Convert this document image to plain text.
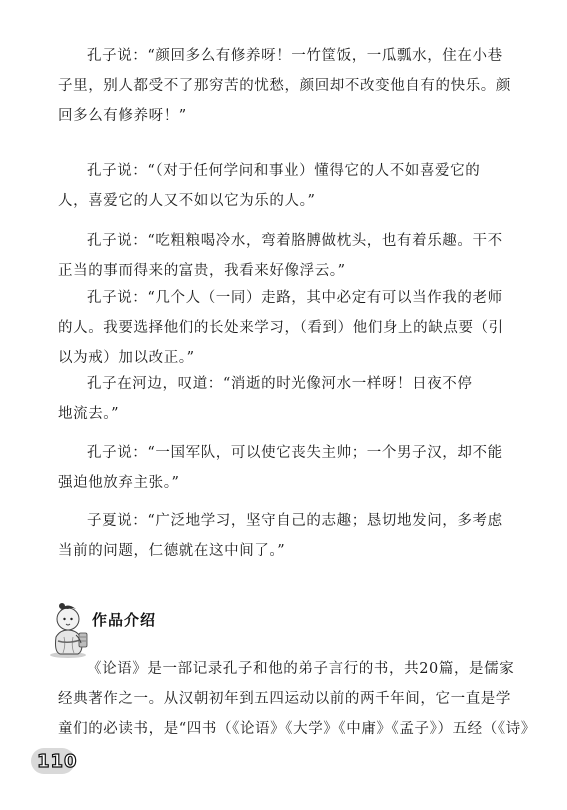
孔子说：“颜回多么有修养呀！一竹筐饭，一瓜瓢水，住在小巷
子里，别人都受不了那穷苦的忧愁，颜回却不改变他自有的快乐。颜
回多么有修养呀！”
孔子说：“（对于任何学问和事业）懂得它的人不如喜爱它的
人，喜爱它的人又不如以它为乐的人。”
孔子说：“吃粗粮喝冷水，弯着胳膊做枕头，也有着乐趣。干不
正当的事而得来的富贵，我看来好像浮云。”
孔子说：“几个人（一同）走路，其中必定有可以当作我的老师
的人。我要选择他们的长处来学习，（看到）他们身上的缺点要（引
以为戒）加以改正。”
孔子在河边，叹道：“消逝的时光像河水一样呀！日夜不停
地流去。”
孔子说：“一国军队，可以使它丧失主帅；一个男子汉，却不能
强迫他放弃主张。”
子夏说：“广泛地学习，坚守自己的志趣；恳切地发问，多考虑
当前的问题，仁德就在这中间了。”
作品介绍
《论语》是一部记录孔子和他的弟子言行的书，共20篇，是儒家
经典著作之一。从汉朝初年到五四运动以前的两千年间，它一直是学
童们的必读书，是“四书（《论语》《大学》《中庸》《孟子》）五经（《诗》
110
